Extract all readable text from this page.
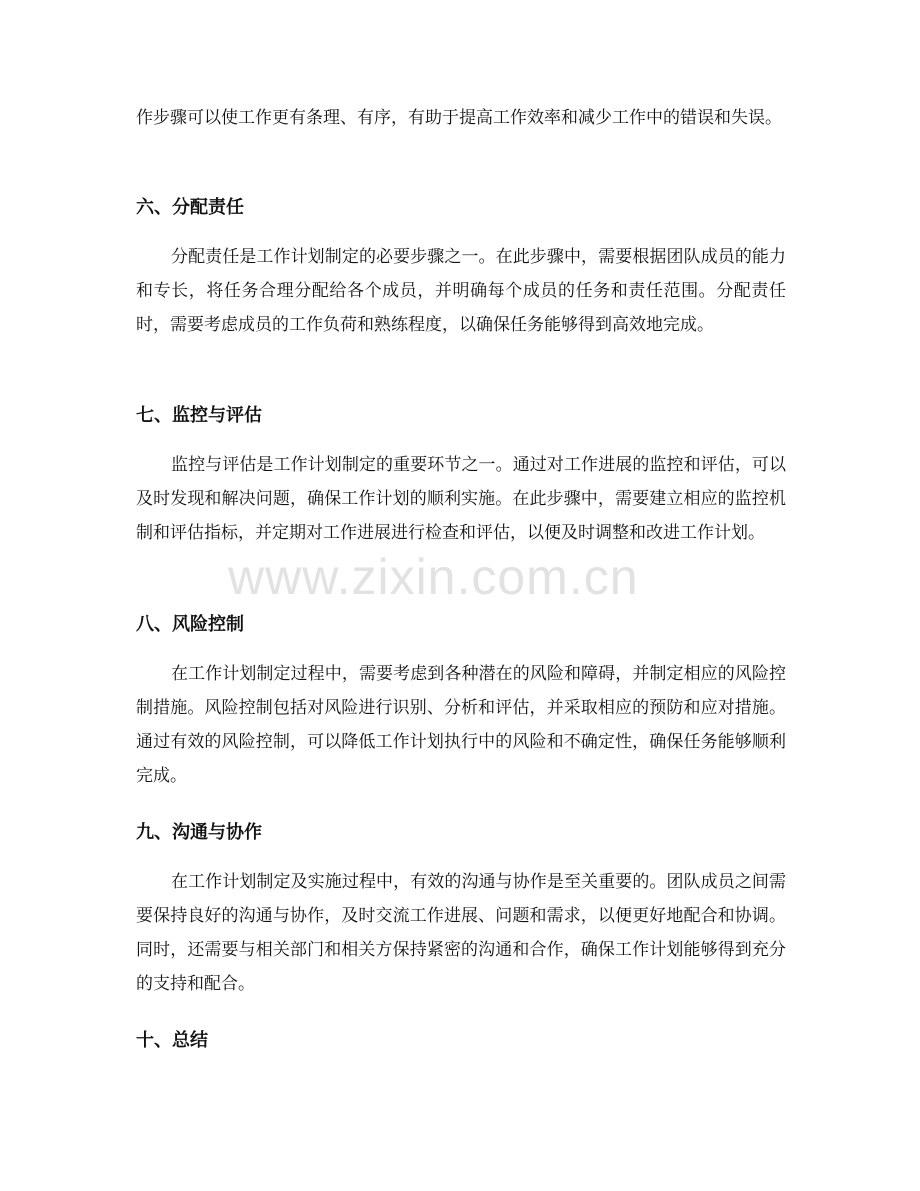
作步骤可以使工作更有条理、有序，有助于提高工作效率和减少工作中的错误和失误。

六、分配责任

分配责任是工作计划制定的必要步骤之一。在此步骤中，需要根据团队成员的能力和专长，将任务合理分配给各个成员，并明确每个成员的任务和责任范围。分配责任时，需要考虑成员的工作负荷和熟练程度，以确保任务能够得到高效地完成。

七、监控与评估

监控与评估是工作计划制定的重要环节之一。通过对工作进展的监控和评估，可以及时发现和解决问题，确保工作计划的顺利实施。在此步骤中，需要建立相应的监控机制和评估指标，并定期对工作进展进行检查和评估，以便及时调整和改进工作计划。

八、风险控制

在工作计划制定过程中，需要考虑到各种潜在的风险和障碍，并制定相应的风险控制措施。风险控制包括对风险进行识别、分析和评估，并采取相应的预防和应对措施。通过有效的风险控制，可以降低工作计划执行中的风险和不确定性，确保任务能够顺利完成。

九、沟通与协作

在工作计划制定及实施过程中，有效的沟通与协作是至关重要的。团队成员之间需要保持良好的沟通与协作，及时交流工作进展、问题和需求，以便更好地配合和协调。同时，还需要与相关部门和相关方保持紧密的沟通和合作，确保工作计划能够得到充分的支持和配合。

十、总结
www.zixin.com.cn
